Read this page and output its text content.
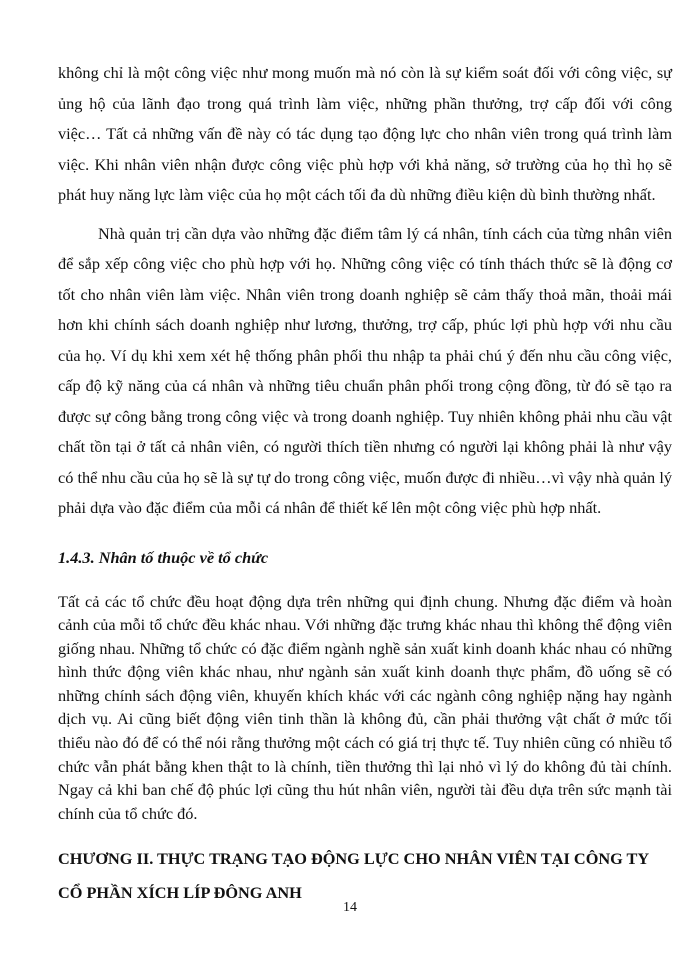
không chỉ là một công việc như mong muốn mà nó còn là sự kiểm soát đối với công việc, sự ủng hộ của lãnh đạo trong quá trình làm việc, những phần thưởng, trợ cấp đối với công việc… Tất cả những vấn đề này có tác dụng tạo động lực cho nhân viên trong quá trình làm việc. Khi nhân viên nhận được công việc phù hợp với khả năng, sở trường của họ thì họ sẽ phát huy năng lực làm việc của họ một cách tối đa dù những điều kiện dù bình thường nhất.

Nhà quản trị cần dựa vào những đặc điểm tâm lý cá nhân, tính cách của từng nhân viên để sắp xếp công việc cho phù hợp với họ. Những công việc có tính thách thức sẽ là động cơ tốt cho nhân viên làm việc. Nhân viên trong doanh nghiệp sẽ cảm thấy thoả mãn, thoải mái hơn khi chính sách doanh nghiệp như lương, thưởng, trợ cấp, phúc lợi phù hợp với nhu cầu của họ. Ví dụ khi xem xét hệ thống phân phối thu nhập ta phải chú ý đến nhu cầu công việc, cấp độ kỹ năng của cá nhân và những tiêu chuẩn phân phối trong cộng đồng, từ đó sẽ tạo ra được sự công bằng trong công việc và trong doanh nghiệp. Tuy nhiên không phải nhu cầu vật chất tồn tại ở tất cả nhân viên, có người thích tiền nhưng có người lại không phải là như vậy có thể nhu cầu của họ sẽ là sự tự do trong công việc, muốn được đi nhiều…vì vậy nhà quản lý phải dựa vào đặc điểm của mỗi cá nhân để thiết kế lên một công việc phù hợp nhất.

1.4.3. Nhân tố thuộc về tổ chức

Tất cả các tổ chức đều hoạt động dựa trên những qui định chung. Nhưng đặc điểm và hoàn cảnh của mỗi tổ chức đều khác nhau. Với những đặc trưng khác nhau thì không thể động viên giống nhau. Những tổ chức có đặc điểm ngành nghề sản xuất kinh doanh khác nhau có những hình thức động viên khác nhau, như ngành sản xuất kinh doanh thực phẩm, đồ uống sẽ có những chính sách động viên, khuyến khích khác với các ngành công nghiệp nặng hay ngành dịch vụ. Ai cũng biết động viên tinh thần là không đủ, cần phải thưởng vật chất ở mức tối thiểu nào đó để có thể nói rằng thưởng một cách có giá trị thực tế. Tuy nhiên cũng có nhiều tổ chức vẫn phát bằng khen thật to là chính, tiền thưởng thì lại nhỏ vì lý do không đủ tài chính. Ngay cả khi ban chế độ phúc lợi cũng thu hút nhân viên, người tài đều dựa trên sức mạnh tài chính của tổ chức đó.

CHƯƠNG II. THỰC TRẠNG TẠO ĐỘNG LỰC CHO NHÂN VIÊN TẠI CÔNG TY CỔ PHẦN XÍCH LÍP ĐÔNG ANH
14
